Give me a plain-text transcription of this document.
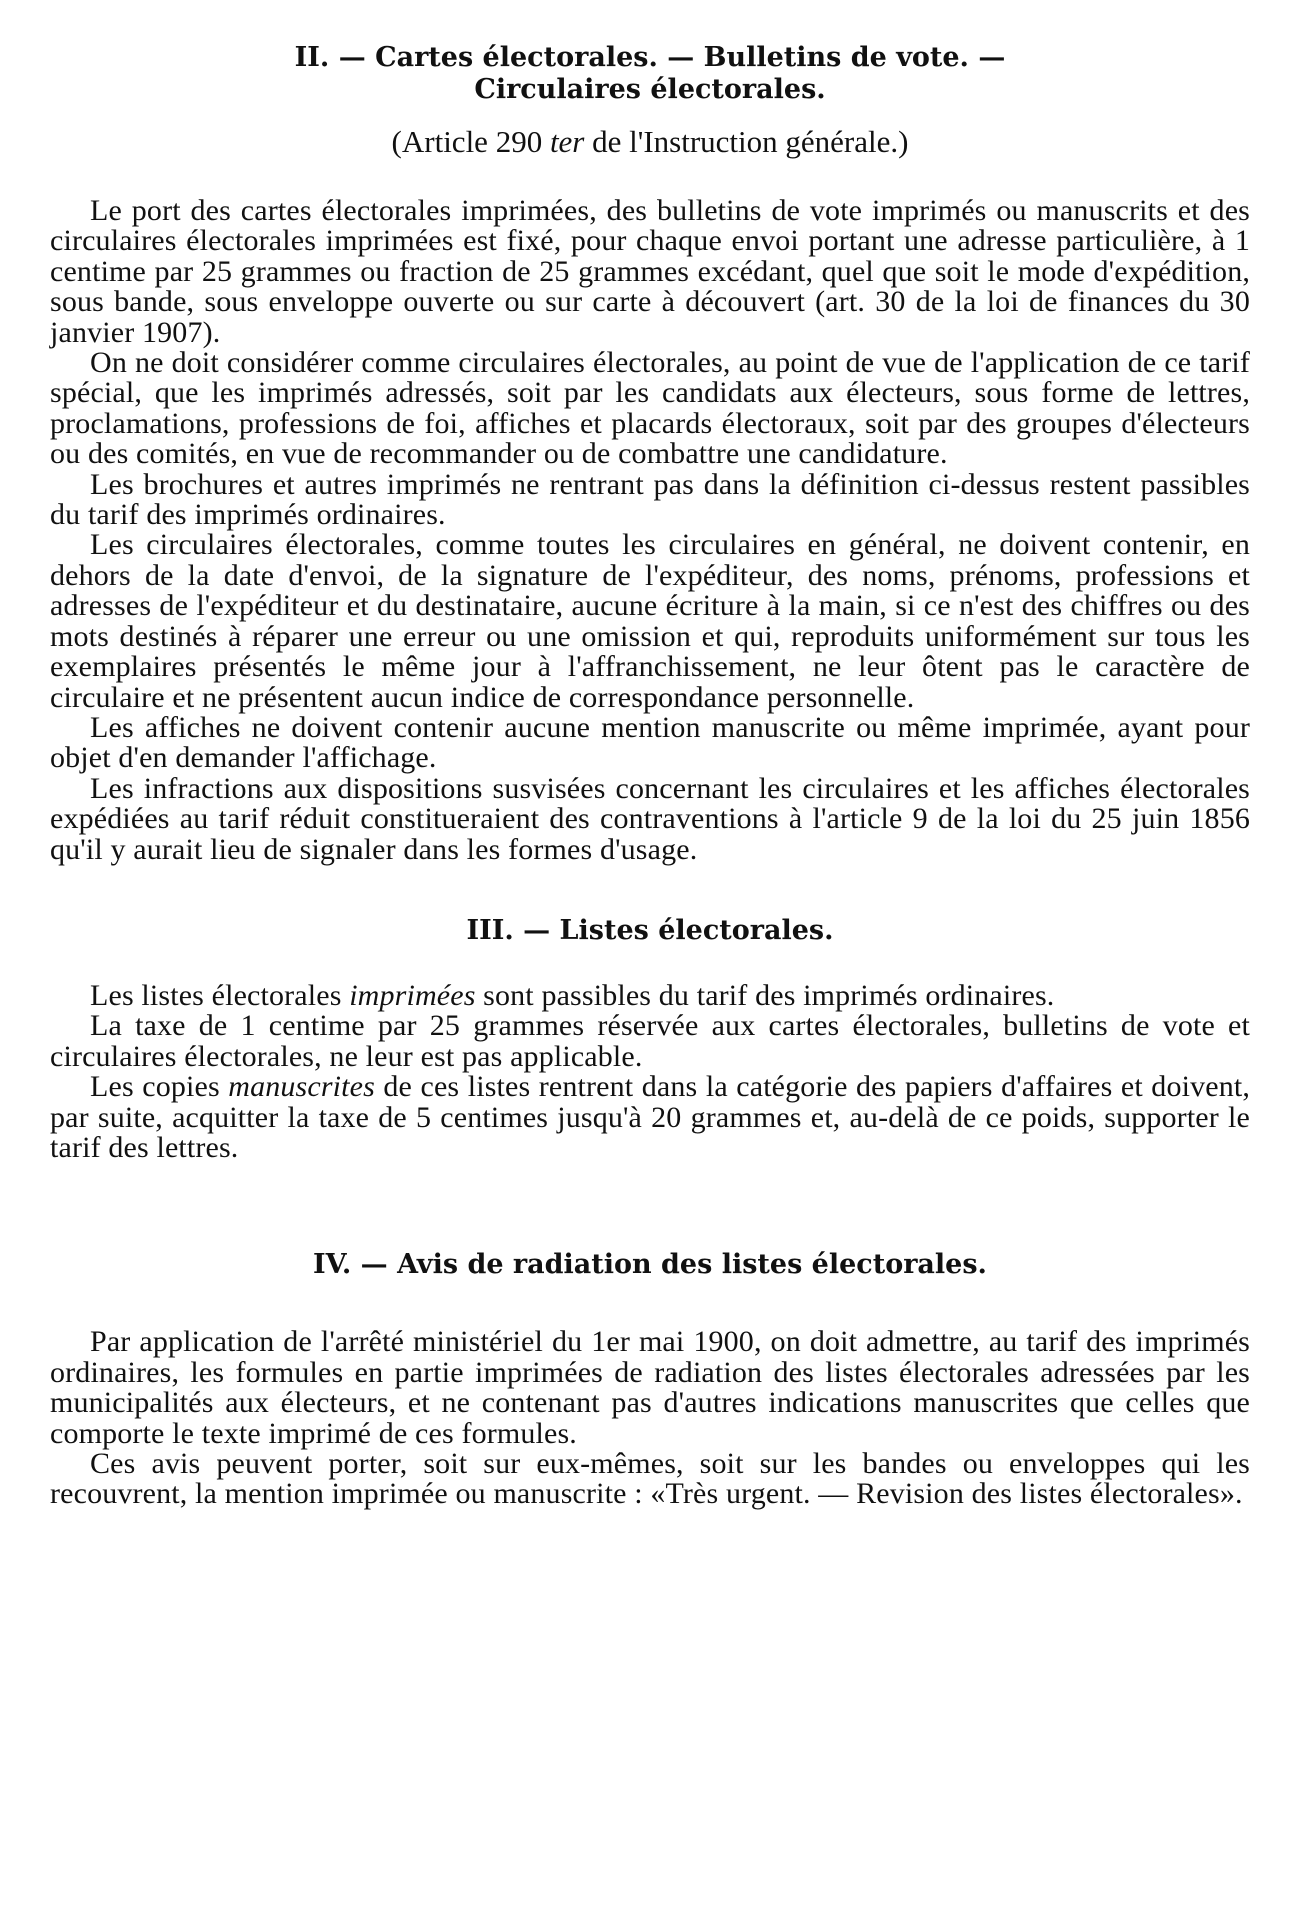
II. — Cartes électorales. — Bulletins de vote. —
Circulaires électorales.

(Article 290 ter de l'Instruction générale.)

Le port des cartes électorales imprimées, des bulletins de vote imprimés ou manuscrits et des circulaires électorales imprimées est fixé, pour chaque envoi portant une adresse particulière, à 1 centime par 25 grammes ou fraction de 25 grammes excédant, quel que soit le mode d'expédition, sous bande, sous enveloppe ouverte ou sur carte à découvert (art. 30 de la loi de finances du 30 janvier 1907).

On ne doit considérer comme circulaires électorales, au point de vue de l'application de ce tarif spécial, que les imprimés adressés, soit par les candidats aux électeurs, sous forme de lettres, proclamations, professions de foi, affiches et placards électoraux, soit par des groupes d'électeurs ou des comités, en vue de recommander ou de combattre une candidature.

Les brochures et autres imprimés ne rentrant pas dans la définition ci-dessus restent passibles du tarif des imprimés ordinaires.

Les circulaires électorales, comme toutes les circulaires en général, ne doivent contenir, en dehors de la date d'envoi, de la signature de l'expéditeur, des noms, prénoms, professions et adresses de l'expéditeur et du destinataire, aucune écriture à la main, si ce n'est des chiffres ou des mots destinés à réparer une erreur ou une omission et qui, reproduits uniformément sur tous les exemplaires présentés le même jour à l'affranchissement, ne leur ôtent pas le caractère de circulaire et ne présentent aucun indice de correspondance personnelle.

Les affiches ne doivent contenir aucune mention manuscrite ou même imprimée, ayant pour objet d'en demander l'affichage.

Les infractions aux dispositions susvisées concernant les circulaires et les affiches électorales expédiées au tarif réduit constitueraient des contraventions à l'article 9 de la loi du 25 juin 1856 qu'il y aurait lieu de signaler dans les formes d'usage.

III. — Listes électorales.

Les listes électorales imprimées sont passibles du tarif des imprimés ordinaires.

La taxe de 1 centime par 25 grammes réservée aux cartes électorales, bulletins de vote et circulaires électorales, ne leur est pas applicable.

Les copies manuscrites de ces listes rentrent dans la catégorie des papiers d'affaires et doivent, par suite, acquitter la taxe de 5 centimes jusqu'à 20 grammes et, au-delà de ce poids, supporter le tarif des lettres.

IV. — Avis de radiation des listes électorales.

Par application de l'arrêté ministériel du 1er mai 1900, on doit admettre, au tarif des imprimés ordinaires, les formules en partie imprimées de radiation des listes électorales adressées par les municipalités aux électeurs, et ne contenant pas d'autres indications manuscrites que celles que comporte le texte imprimé de ces formules.

Ces avis peuvent porter, soit sur eux-mêmes, soit sur les bandes ou enveloppes qui les recouvrent, la mention imprimée ou manuscrite : «Très urgent. — Revision des listes électorales».
